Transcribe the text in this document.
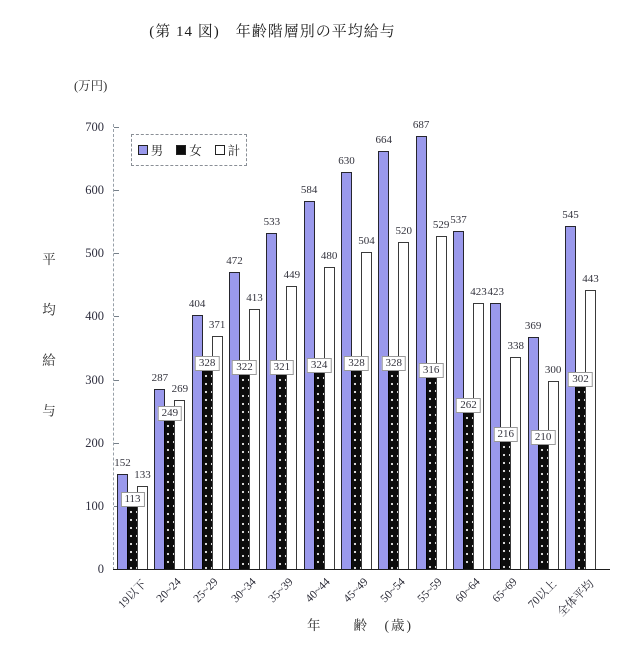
(第 14 図)　年齢階層別の平均給与
(万円)
平均給与
0
100
200
300
400
500
600
700
男 女 計
152
113
133
287
249
269
404
328
371
472
322
413
533
321
449
584
324
480
630
328
504
664
328
520
687
316
529 537
262
423 423
216
338
369
210
300
545
302
443
19以下 20~24 25~29 30~34 35~39 40~44 45~49 50~54 55~59 60~64 65~69 70以上
全体平均
年　　齢　(歳)
